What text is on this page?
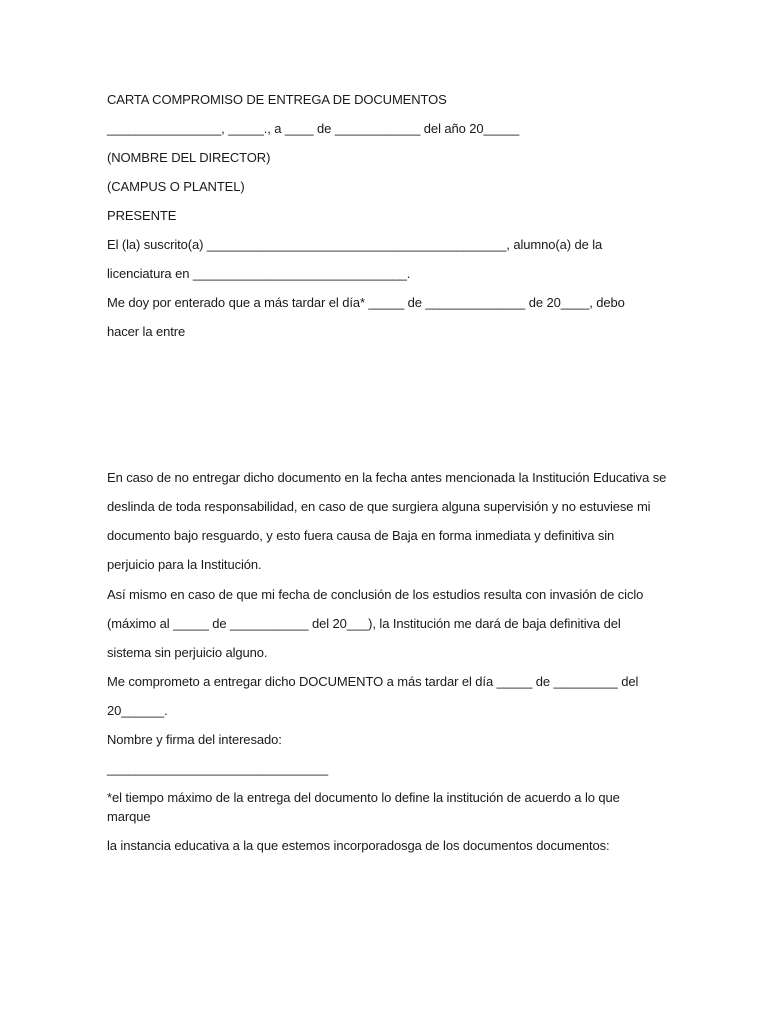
CARTA COMPROMISO DE ENTREGA DE DOCUMENTOS
________________, _____., a ____ de ____________ del año 20_____
(NOMBRE DEL DIRECTOR)
(CAMPUS O PLANTEL)
PRESENTE
El (la) suscrito(a) __________________________________________, alumno(a) de la
licenciatura en ______________________________.
Me doy por enterado que a más tardar el día* _____ de ______________ de 20____, debo
hacer la entre
En caso de no entregar dicho documento en la fecha antes mencionada la Institución Educativa se
deslinda de toda responsabilidad, en caso de que surgiera alguna supervisión y no estuviese mi
documento bajo resguardo, y esto fuera causa de Baja en forma inmediata y definitiva sin
perjuicio para la Institución.
Así mismo en caso de que mi fecha de conclusión de los estudios resulta con invasión de ciclo
(máximo al _____ de ___________ del 20___), la Institución me dará de baja definitiva del
sistema sin perjuicio alguno.
Me comprometo a entregar dicho DOCUMENTO a más tardar el día _____ de _________ del
20______.
Nombre y firma del interesado:
_______________________________
*el tiempo máximo de la entrega del documento lo define la institución de acuerdo a lo que
marque
la instancia educativa a la que estemos incorporadosga de los documentos documentos:
